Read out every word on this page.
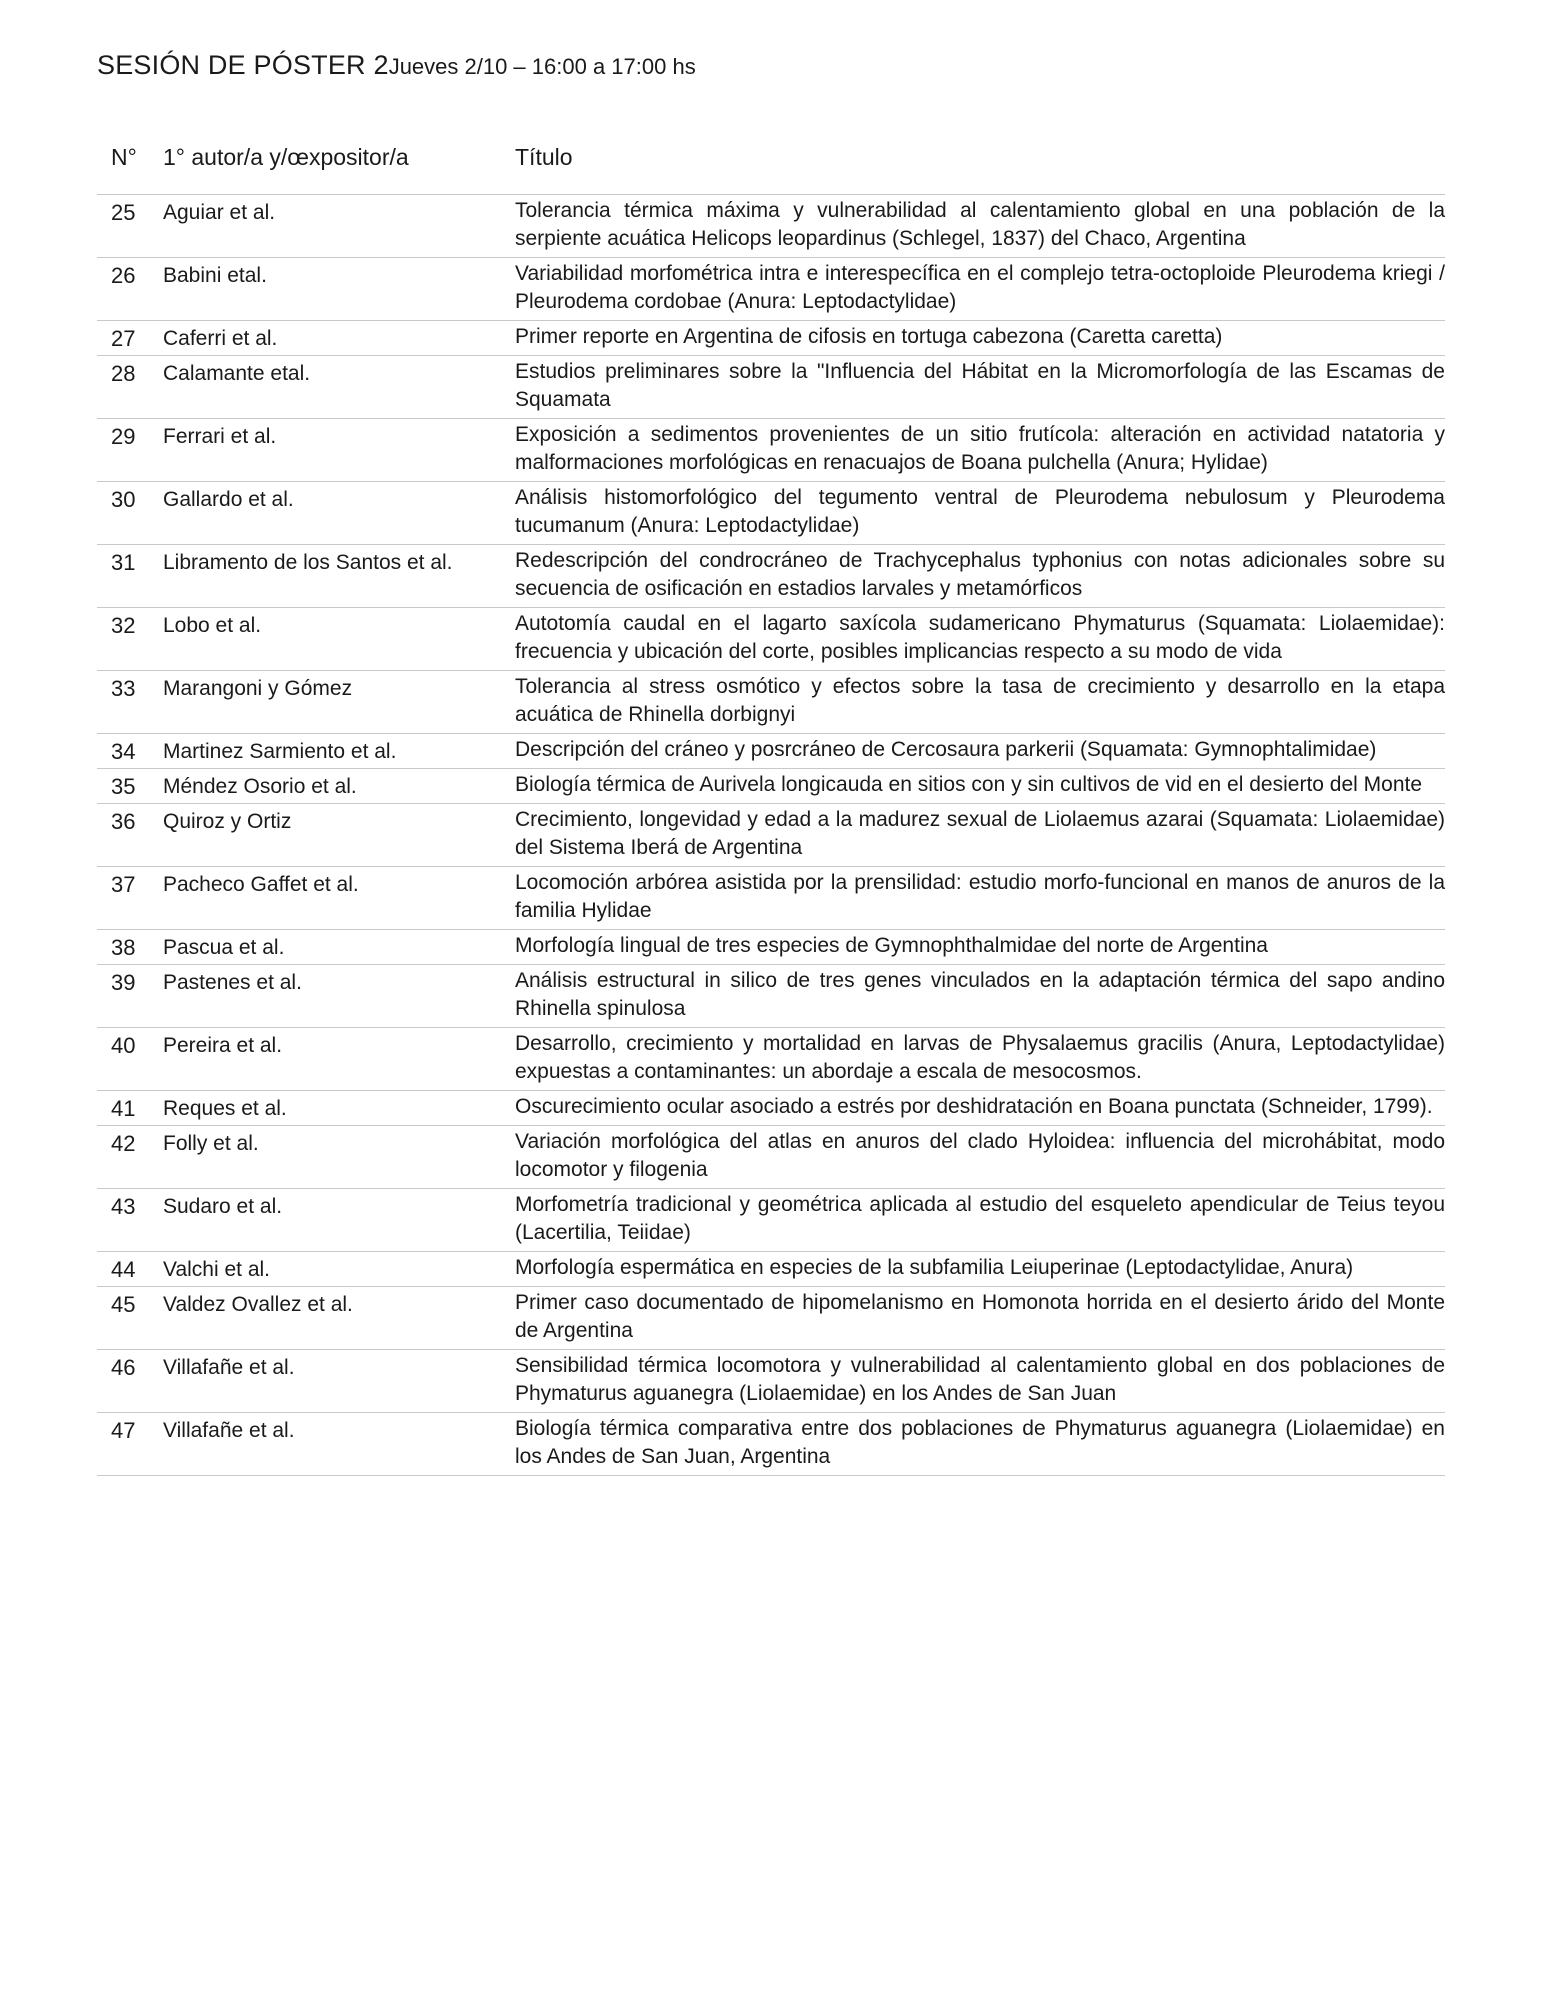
SESIÓN DE PÓSTER 2Jueves 2/10 – 16:00 a 17:00 hs
N° 1° autor/a y/œxpositor/a	Título
25 Aguiar et al.	Tolerancia térmica máxima y vulnerabilidad al calentamiento global en una población de la serpiente acuática Helicops leopardinus (Schlegel, 1837) del Chaco, Argentina
26 Babini etal.	Variabilidad morfométrica intra e interespecífica en el complejo tetra-octoploide Pleurodema kriegi / Pleurodema cordobae (Anura: Leptodactylidae)
27 Caferri et al.	Primer reporte en Argentina de cifosis en tortuga cabezona (Caretta caretta)
28 Calamante etal.	Estudios preliminares sobre la "Influencia del Hábitat en la Micromorfología de las Escamas de Squamata
29 Ferrari et al.	Exposición a sedimentos provenientes de un sitio frutícola: alteración en actividad natatoria y malformaciones morfológicas en renacuajos de Boana pulchella (Anura; Hylidae)
30 Gallardo et al.	Análisis histomorfológico del tegumento ventral de Pleurodema nebulosum y Pleurodema tucumanum (Anura: Leptodactylidae)
31 Libramento de los Santos et al.	Redescripción del condrocráneo de Trachycephalus typhonius con notas adicionales sobre su secuencia de osificación en estadios larvales y metamórficos
32 Lobo et al.	Autotomía caudal en el lagarto saxícola sudamericano Phymaturus (Squamata: Liolaemidae): frecuencia y ubicación del corte, posibles implicancias respecto a su modo de vida
33 Marangoni y Gómez	Tolerancia al stress osmótico y efectos sobre la tasa de crecimiento y desarrollo en la etapa acuática de Rhinella dorbignyi
34 Martinez Sarmiento et al.	Descripción del cráneo y posrcráneo de Cercosaura parkerii (Squamata: Gymnophtalimidae)
35 Méndez Osorio et al.	Biología térmica de Aurivela longicauda en sitios con y sin cultivos de vid en el desierto del Monte
36 Quiroz y Ortiz	Crecimiento, longevidad y edad a la madurez sexual de Liolaemus azarai (Squamata: Liolaemidae) del Sistema Iberá de Argentina
37 Pacheco Gaffet et al.	Locomoción arbórea asistida por la prensilidad: estudio morfo-funcional en manos de anuros de la familia Hylidae
38 Pascua et al.	Morfología lingual de tres especies de Gymnophthalmidae del norte de Argentina
39 Pastenes et al.	Análisis estructural in silico de tres genes vinculados en la adaptación térmica del sapo andino Rhinella spinulosa
40 Pereira et al.	Desarrollo, crecimiento y mortalidad en larvas de Physalaemus gracilis (Anura, Leptodactylidae) expuestas a contaminantes: un abordaje a escala de mesocosmos.
41 Reques et al.	Oscurecimiento ocular asociado a estrés por deshidratación en Boana punctata (Schneider, 1799).
42 Folly et al.	Variación morfológica del atlas en anuros del clado Hyloidea: influencia del microhábitat, modo locomotor y filogenia
43 Sudaro et al.	Morfometría tradicional y geométrica aplicada al estudio del esqueleto apendicular de Teius teyou (Lacertilia, Teiidae)
44 Valchi et al.	Morfología espermática en especies de la subfamilia Leiuperinae (Leptodactylidae, Anura)
45 Valdez Ovallez et al.	Primer caso documentado de hipomelanismo en Homonota horrida en el desierto árido del Monte de Argentina
46 Villafañe et al.	Sensibilidad térmica locomotora y vulnerabilidad al calentamiento global en dos poblaciones de Phymaturus aguanegra (Liolaemidae) en los Andes de San Juan
47 Villafañe et al.	Biología térmica comparativa entre dos poblaciones de Phymaturus aguanegra (Liolaemidae) en los Andes de San Juan, Argentina
